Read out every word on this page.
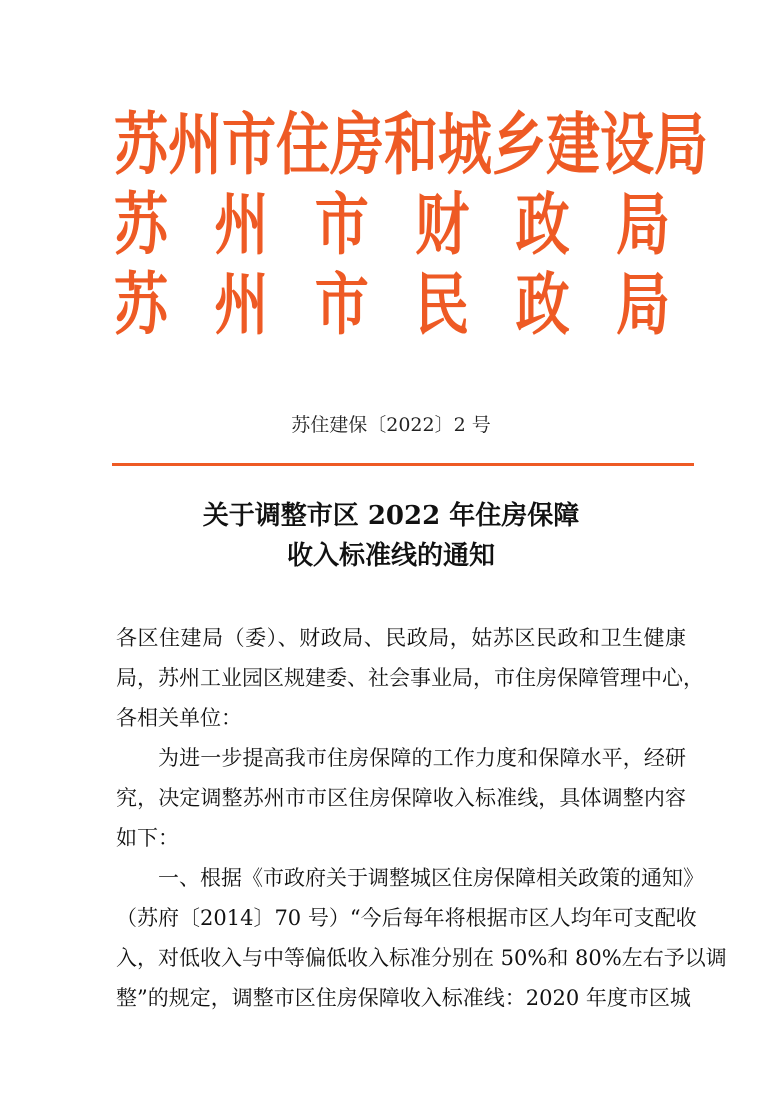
苏 州 市 住 房 和 城 乡 建 设 局
苏 州 市 财 政 局
苏 州 市 民 政 局
苏住建保〔2022〕2 号
关于调整市区 2022 年住房保障
收入标准线的通知
各区住建局（委）、财政局、民政局，姑苏区民政和卫生健康
局，苏州工业园区规建委、社会事业局，市住房保障管理中心，
各相关单位：
为进一步提高我市住房保障的工作力度和保障水平，经研
究，决定调整苏州市市区住房保障收入标准线，具体调整内容
如下：
一、根据《市政府关于调整城区住房保障相关政策的通知》
（苏府〔2014〕70 号）“今后每年将根据市区人均年可支配收
入，对低收入与中等偏低收入标准分别在 50%和 80%左右予以调
整”的规定，调整市区住房保障收入标准线：2020 年度市区城
